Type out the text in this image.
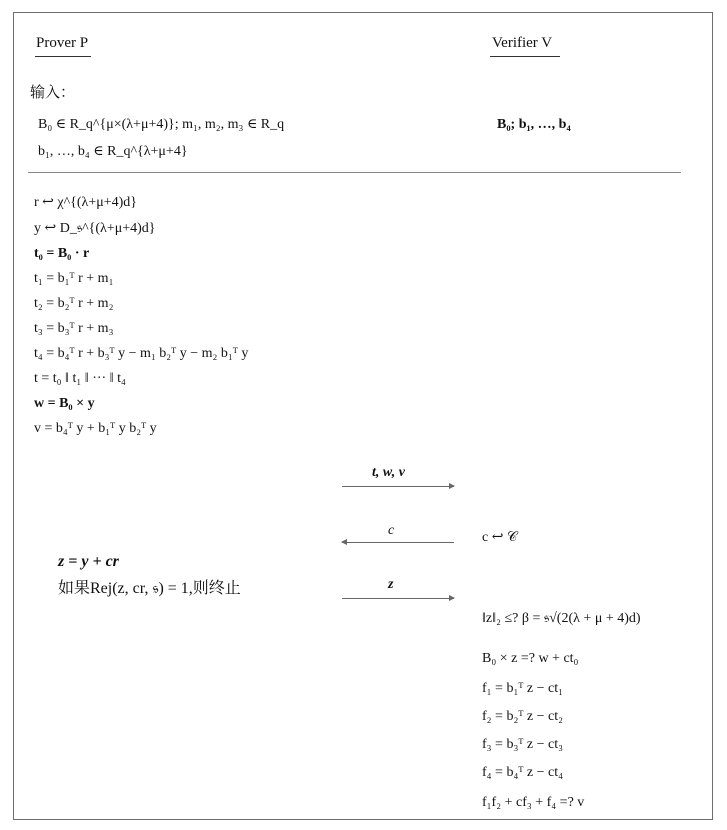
Prover P	Verifier V
输入：
B₀ ∈ R_q^{μ×(λ+μ+4)}; m₁, m₂, m₃ ∈ R_q
b₁, …, b₄ ∈ R_q^{λ+μ+4}
B₀; b₁, …, b₄
r ↩ χ^{(λ+μ+4)d}
y ↩ D_𝔰^{(λ+μ+4)d}
t₀ = B₀ · r
t₁ = b₁ᵀ r + m₁
t₂ = b₂ᵀ r + m₂
t₃ = b₃ᵀ r + m₃
t₄ = b₄ᵀ r + b₃ᵀ y − m₁ b₂ᵀ y − m₂ b₁ᵀ y
t = t₀ ‖ t₁ ‖ ··· ‖ t₄
w = B₀ × y
v = b₄ᵀ y + b₁ᵀ y b₂ᵀ y
t, w, v
c	c ↩ 𝒞
z = y + cr
如果Rej(z, cr, 𝔰) = 1,则终止	z
‖z‖₂ ≤? β = 𝔰√(2(λ + μ + 4)d)
B₀ × z =? w + ct₀
f₁ = b₁ᵀ z − ct₁
f₂ = b₂ᵀ z − ct₂
f₃ = b₃ᵀ z − ct₃
f₄ = b₄ᵀ z − ct₄
f₁f₂ + cf₃ + f₄ =? v
